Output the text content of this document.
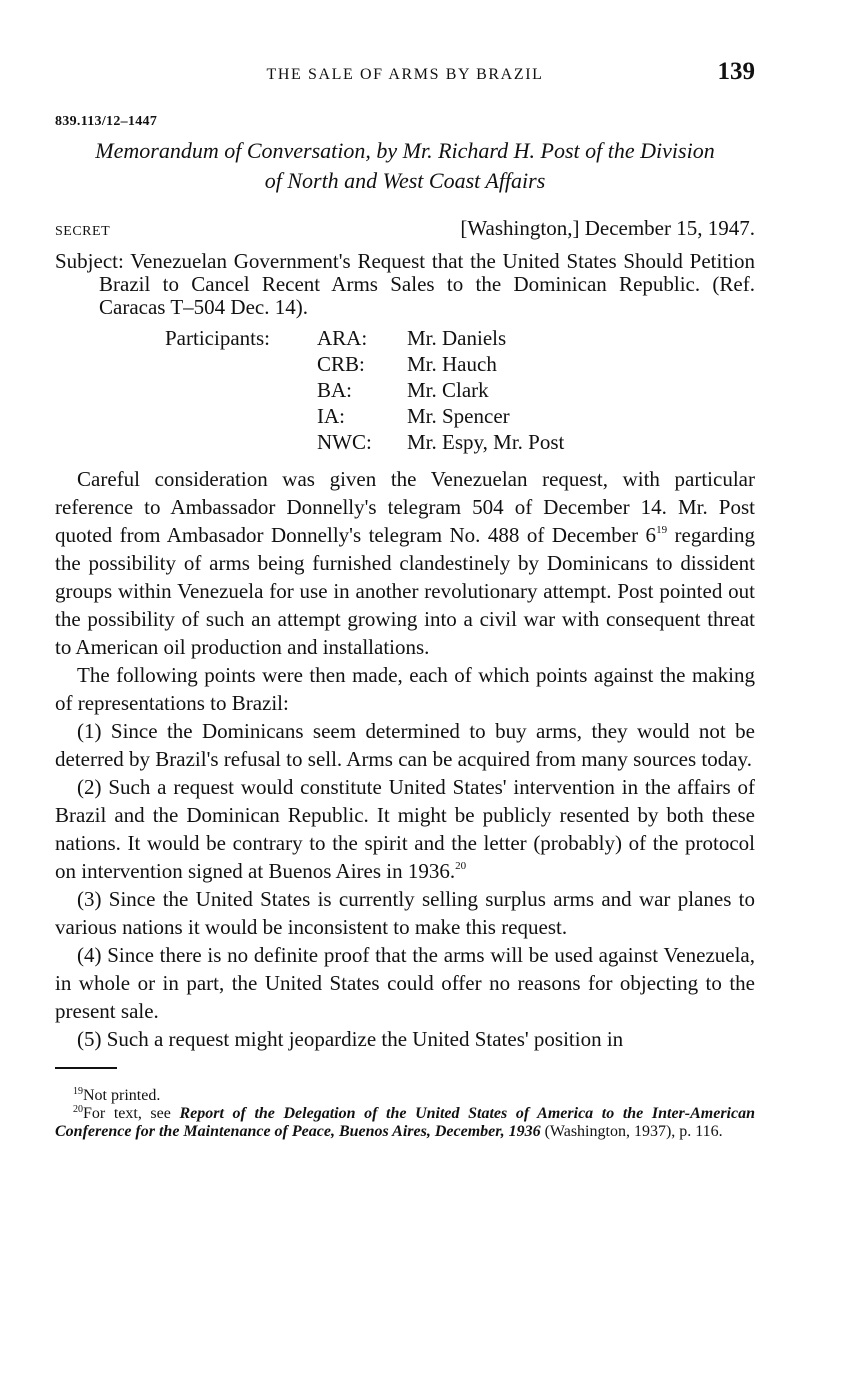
THE SALE OF ARMS BY BRAZIL	139
839.113/12–1447
Memorandum of Conversation, by Mr. Richard H. Post of the Division
of North and West Coast Affairs
SECRET	[Washington,] December 15, 1947.
Subject: Venezuelan Government's Request that the United States Should Petition Brazil to Cancel Recent Arms Sales to the Dominican Republic. (Ref. Caracas T–504 Dec. 14).
Participants:	ARA:	Mr. Daniels
	CRB:	Mr. Hauch
	BA:	Mr. Clark
	IA:	Mr. Spencer
	NWC:	Mr. Espy, Mr. Post

Careful consideration was given the Venezuelan request, with particular reference to Ambassador Donnelly's telegram 504 of December 14. Mr. Post quoted from Ambasador Donnelly's telegram No. 488 of December 6$^{19}$ regarding the possibility of arms being furnished clandestinely by Dominicans to dissident groups within Venezuela for use in another revolutionary attempt. Post pointed out the possibility of such an attempt growing into a civil war with consequent threat to American oil production and installations.

The following points were then made, each of which points against the making of representations to Brazil:

(1) Since the Dominicans seem determined to buy arms, they would not be deterred by Brazil's refusal to sell. Arms can be acquired from many sources today.

(2) Such a request would constitute United States' intervention in the affairs of Brazil and the Dominican Republic. It might be publicly resented by both these nations. It would be contrary to the spirit and the letter (probably) of the protocol on intervention signed at Buenos Aires in 1936.20

(3) Since the United States is currently selling surplus arms and war planes to various nations it would be inconsistent to make this request.

(4) Since there is no definite proof that the arms will be used against Venezuela, in whole or in part, the United States could offer no reasons for objecting to the present sale.

(5) Such a request might jeopardize the United States' position in

$^{19}$Not printed.

$^{20}$For text, see Report of the Delegation of the United States of America to the Inter-American Conference for the Maintenance of Peace, Buenos Aires, December, 1936 (Washington, 1937), p. 116.
